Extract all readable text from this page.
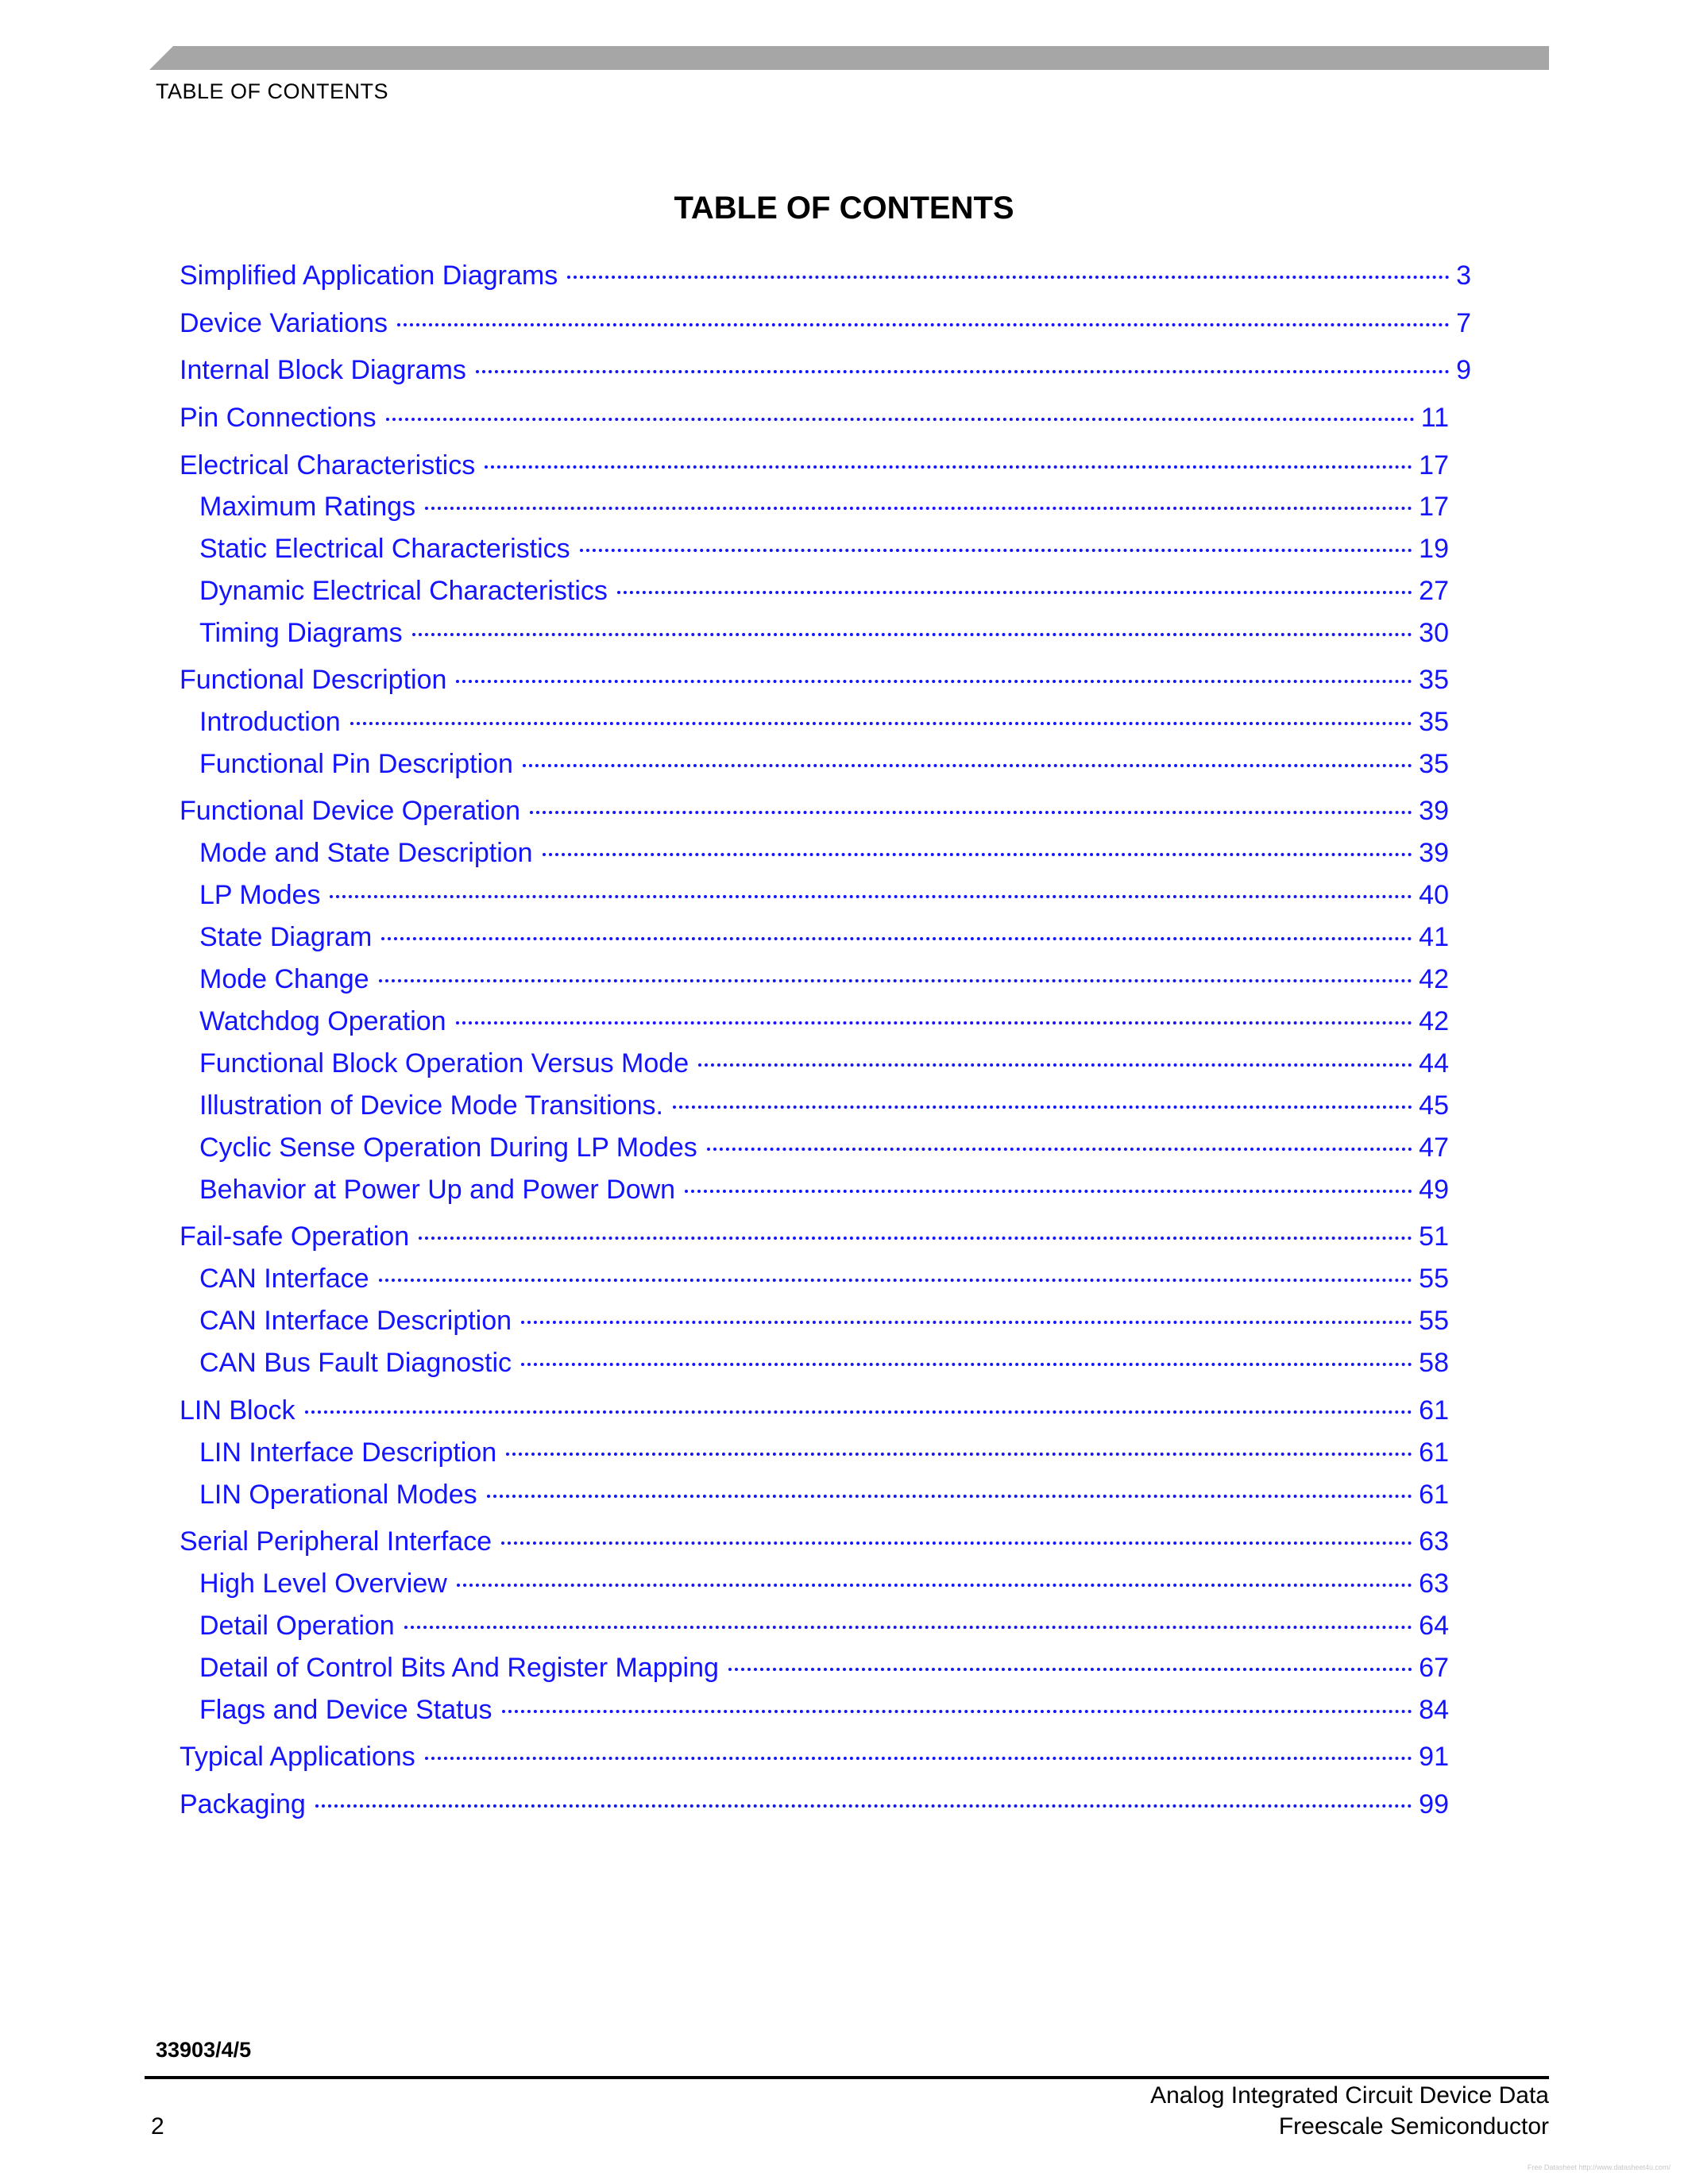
TABLE OF CONTENTS
TABLE OF CONTENTS
Simplified Application Diagrams	3
Device Variations	7
Internal Block Diagrams	9
Pin Connections	11
Electrical Characteristics	17
Maximum Ratings	17
Static Electrical Characteristics	19
Dynamic Electrical Characteristics	27
Timing Diagrams	30
Functional Description	35
Introduction	35
Functional Pin Description	35
Functional Device Operation	39
Mode and State Description	39
LP Modes	40
State Diagram	41
Mode Change	42
Watchdog Operation	42
Functional Block Operation Versus Mode	44
Illustration of Device Mode Transitions.	45
Cyclic Sense Operation During LP Modes	47
Behavior at Power Up and Power Down	49
Fail-safe Operation	51
CAN Interface	55
CAN Interface Description	55
CAN Bus Fault Diagnostic	58
LIN Block	61
LIN Interface Description	61
LIN Operational Modes	61
Serial Peripheral Interface	63
High Level Overview	63
Detail Operation	64
Detail of Control Bits And Register Mapping	67
Flags and Device Status	84
Typical Applications	91
Packaging	99
33903/4/5
Analog Integrated Circuit Device Data
2	Freescale Semiconductor
Free Datasheet http://www.datasheet4u.com/
